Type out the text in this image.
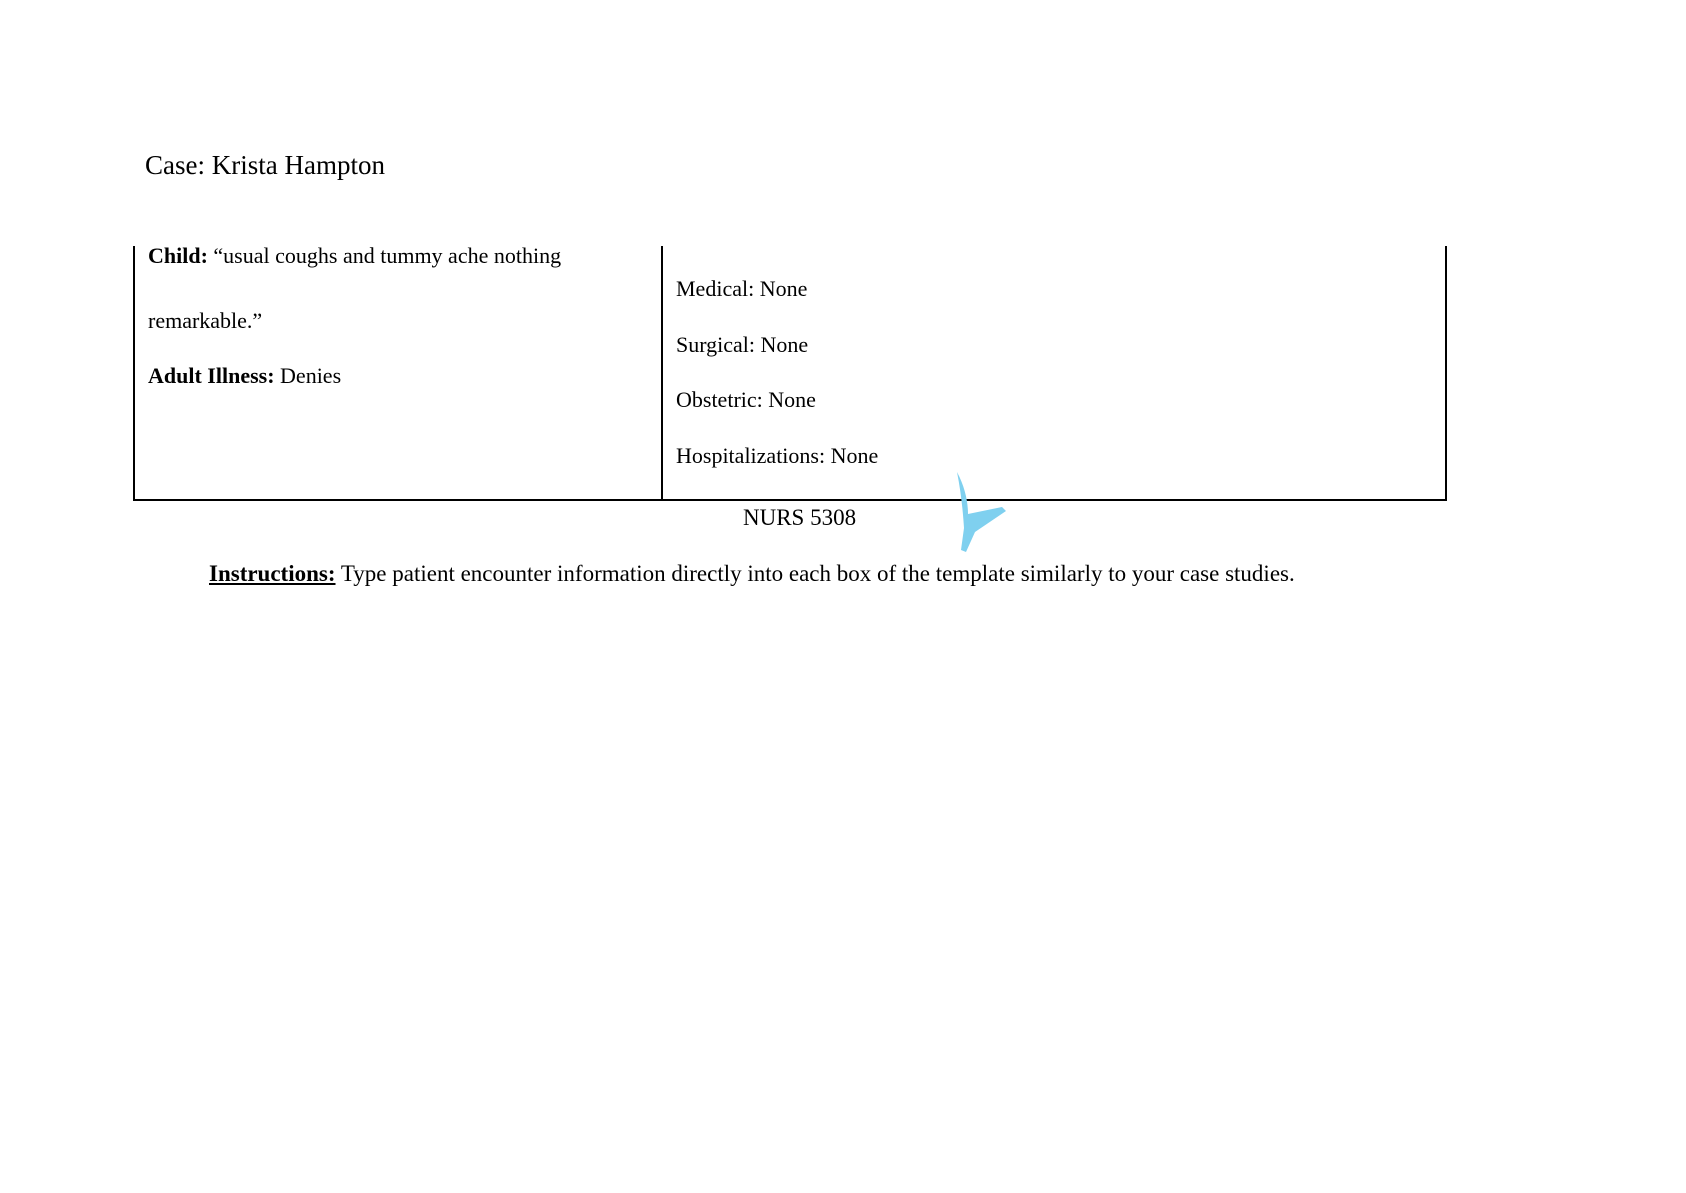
Case: Krista Hampton
Child: “usual coughs and tummy ache nothing
remarkable.”
Adult Illness: Denies
Medical: None
Surgical: None
Obstetric: None
Hospitalizations: None
NURS 5308
Instructions: Type patient encounter information directly into each box of the template similarly to your case studies.
